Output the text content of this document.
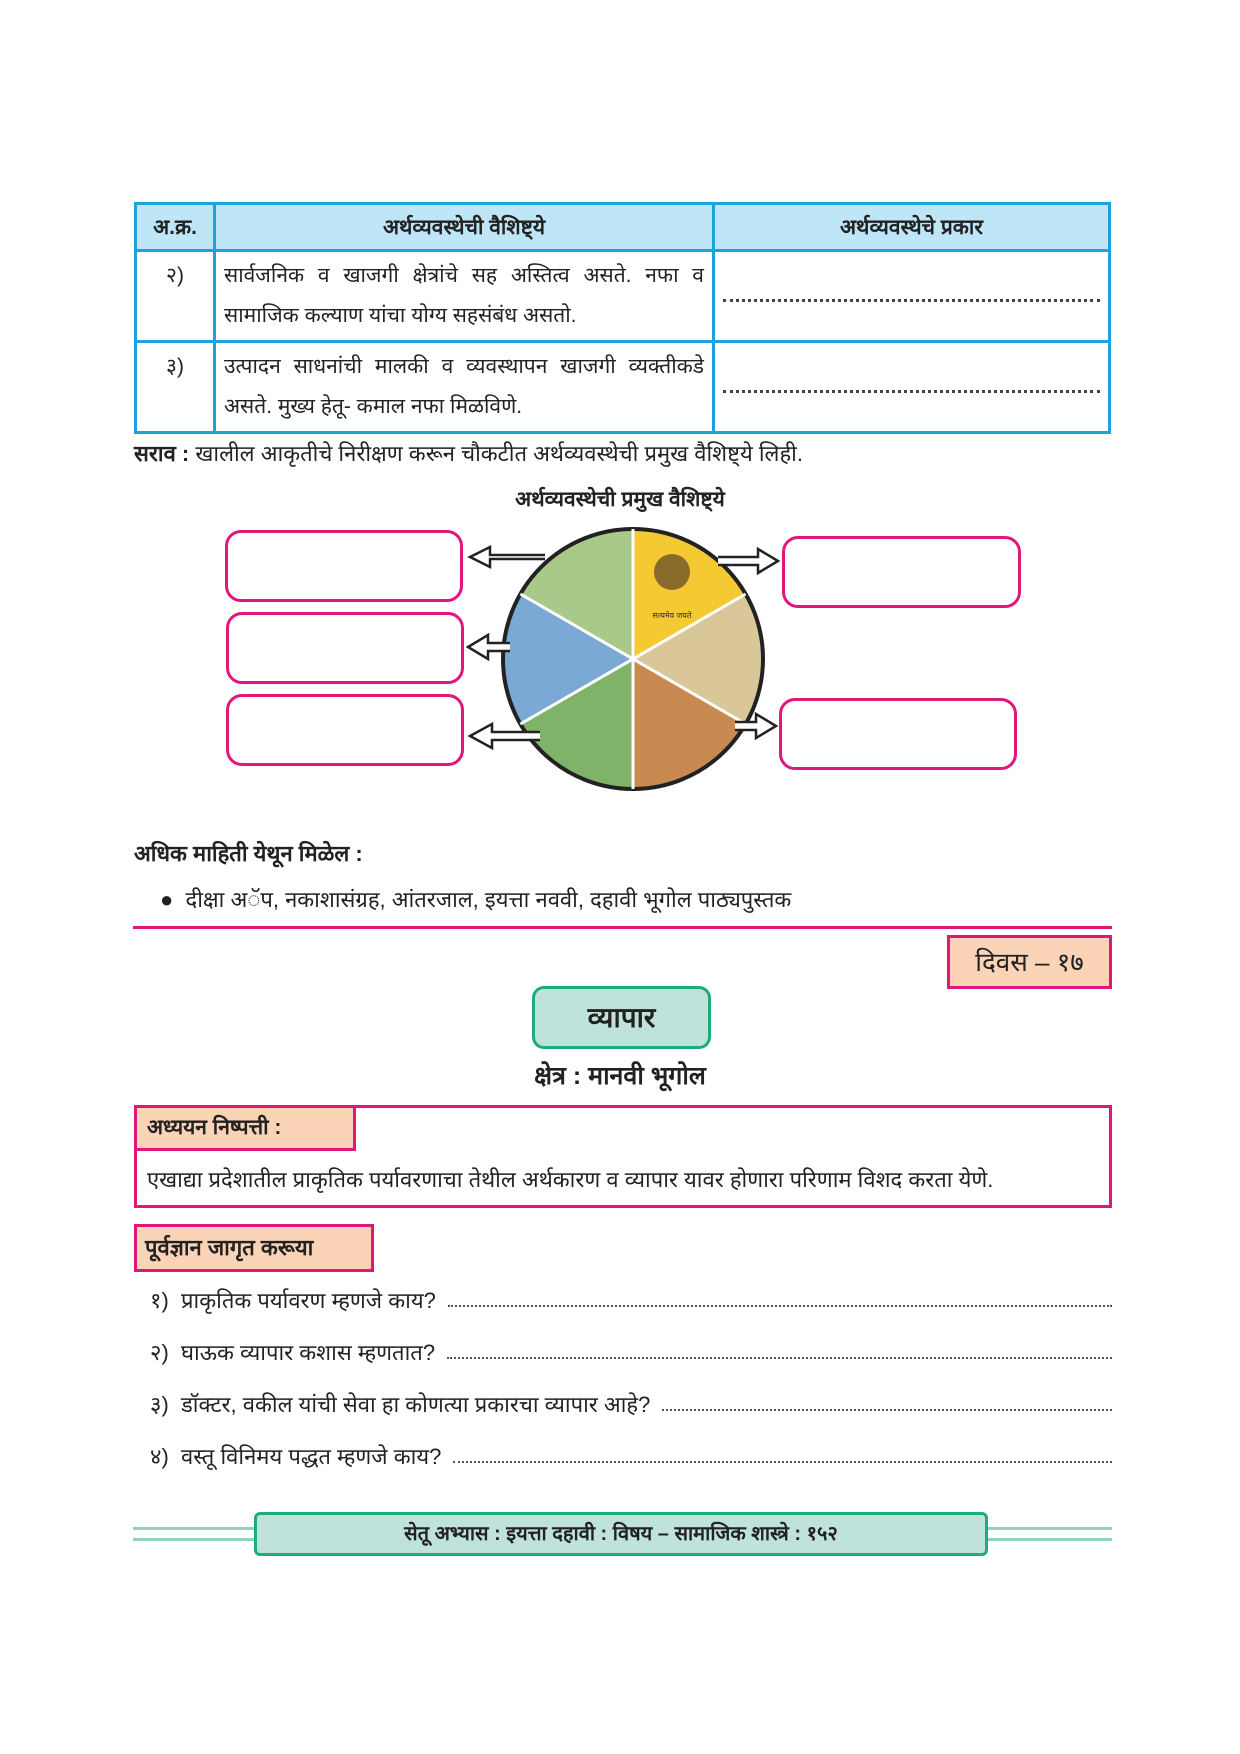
अ.क्र.	अर्थव्यवस्थेची वैशिष्ट्ये	अर्थव्यवस्थेचे प्रकार
२)	सार्वजनिक व खाजगी क्षेत्रांचे सह अस्तित्व असते. नफा व सामाजिक कल्याण यांचा योग्य सहसंबंध असतो.	

३)	उत्पादन साधनांची मालकी व व्यवस्थापन खाजगी व्यक्तीकडे असते. मुख्य हेतू- कमाल नफा मिळविणे.	
सराव : खालील आकृतीचे निरीक्षण करून चौकटीत अर्थव्यवस्थेची प्रमुख वैशिष्ट्ये लिही.
अर्थव्यवस्थेची प्रमुख वैशिष्ट्ये
सत्यमेव जयते
अधिक माहिती येथून मिळेल :
●  दीक्षा अॅप, नकाशासंग्रह, आंतरजाल, इयत्ता नववी, दहावी भूगोल पाठ्यपुस्तक
दिवस – १७
व्यापार
क्षेत्र : मानवी भूगोल
अध्ययन निष्पत्ती :
एखाद्या प्रदेशातील प्राकृतिक पर्यावरणाचा तेथील अर्थकारण व व्यापार यावर होणारा परिणाम विशद करता येणे.
पूर्वज्ञान जागृत करूया
१)
प्राकृतिक पर्यावरण म्हणजे काय?
२)
घाऊक व्यापार कशास म्हणतात?
३)
डॉक्टर, वकील यांची सेवा हा कोणत्या प्रकारचा व्यापार आहे?
४)
वस्तू विनिमय पद्धत म्हणजे काय?
सेतू अभ्यास : इयत्ता दहावी : विषय – सामाजिक शास्त्रे : १५२
